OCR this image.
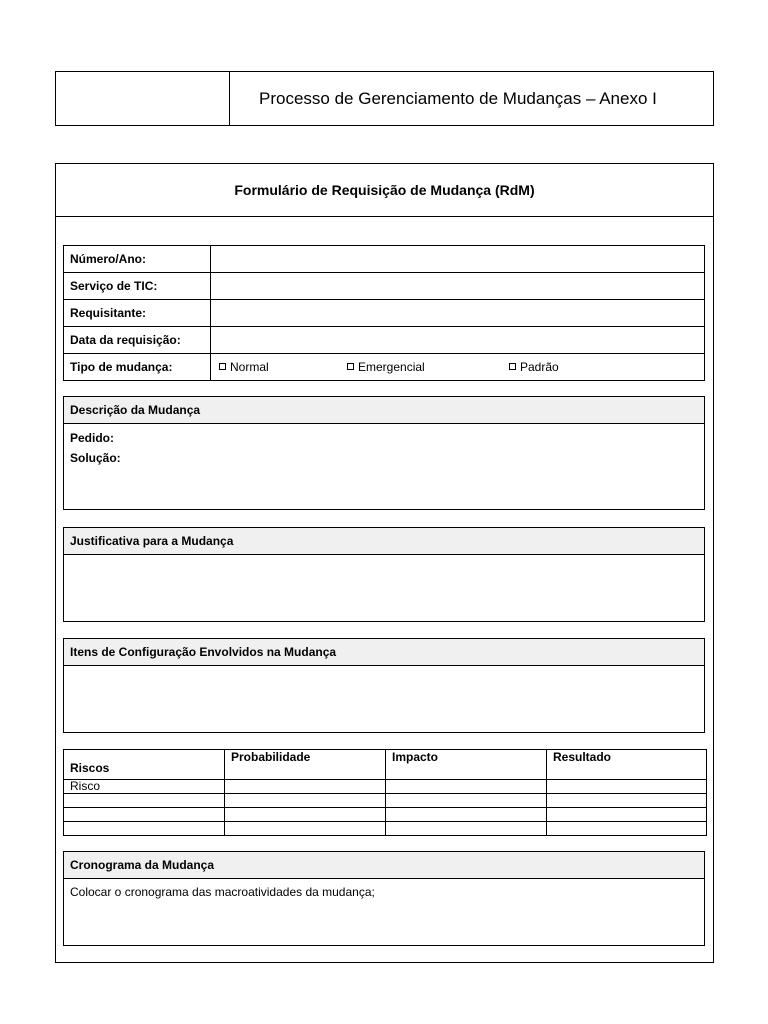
Processo de Gerenciamento de Mudanças – Anexo I
Formulário de Requisição de Mudança (RdM)
Número/Ano:	
Serviço de TIC:	
Requisitante:	
Data da requisição:	
Tipo de mudança:	Normal Emergencial Padrão
Descrição da Mudança
Pedido:
Solução:
Justificativa para a Mudança
Itens de Configuração Envolvidos na Mudança
Riscos	Probabilidade	Impacto	Resultado
Risco			

Cronograma da Mudança
Colocar o cronograma das macroatividades da mudança;
